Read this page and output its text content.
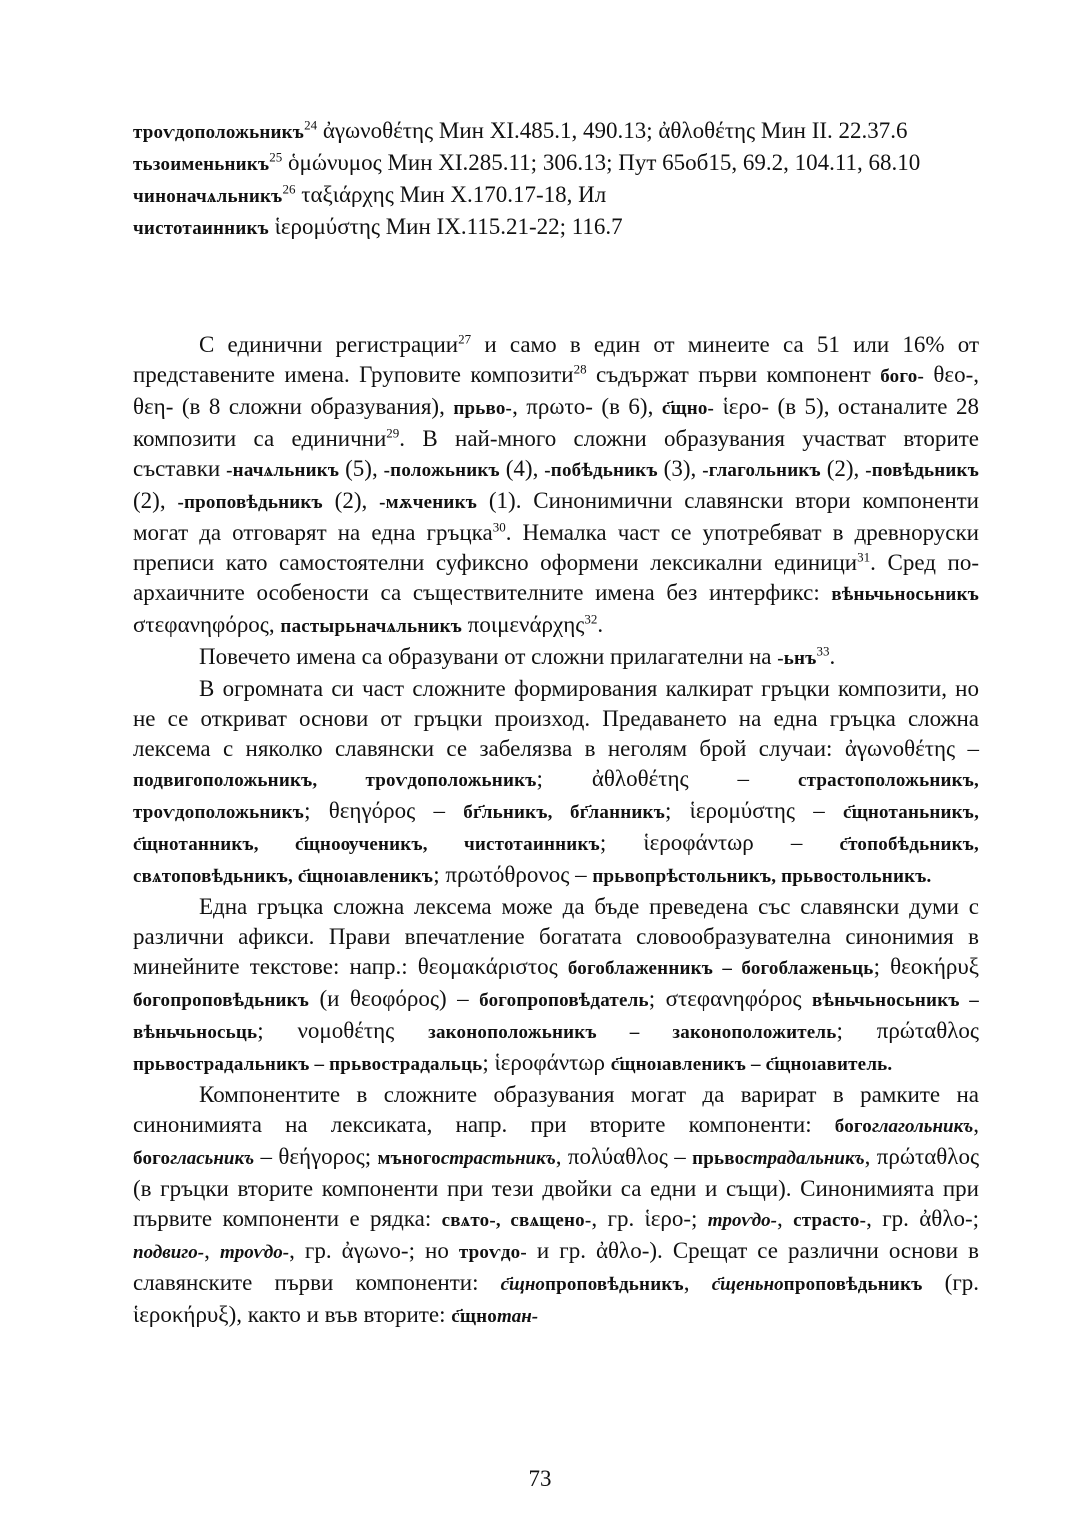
троѵдоположьникъ$^{24}$ ἀγωνοθέτης Мин XI.485.1, 490.13; ἀθλοθέτης Мин II. 22.37.6
тьзоименьникъ$^{25}$ ὁμώνυμος Мин XI.285.11; 306.13; Пут 65об15, 69.2, 104.11, 68.10
чиноначѧльникъ$^{26}$ ταξιάρχης Мин X.170.17-18, Ил
чистотаинникъ ἱερομύστης Мин IX.115.21-22; 116.7

С единични регистрации$^{27}$ и само в един от минеите са 51 или 16% от представените имена. Груповите композити$^{28}$ съдържат първи компонент бого- θεο-, θεη- (в 8 сложни образувания), прьво-, πρωτο- (в 6), с҃щно- ἱερο- (в 5), останалите 28 композити са единични$^{29}$. В най-много сложни образувания участват вторите съставки -начѧльникъ (5), -положьникъ (4), -побѣдьникъ (3), -глагольникъ (2), -повѣдьникъ (2), -проповѣдьникъ (2), -мѫченикъ (1). Синонимични славянски втори компоненти могат да отговарят на една гръцка$^{30}$. Немалка част се употребяват в древноруски преписи като самостоятелни суфиксно оформени лексикални единици$^{31}$. Сред по-архаичните особености са съществителните имена без интерфикс: вѣньчьносьникъ στεφανηφόρος, пастырьначѧльникъ ποιμενάρχης$^{32}$.

Повечето имена са образувани от сложни прилагателни на -ьнъ$^{33}$.

В огромната си част сложните формирования калкират гръцки композити, но не се откриват основи от гръцки произход. Предаването на една гръцка сложна лексема с няколко славянски се забелязва в неголям брой случаи: ἀγωνοθέτης – подвигоположьникъ, троѵдоположьникъ; ἀθλοθέτης – страстоположьникъ, троѵдоположьникъ; θεηγόρος – бг҃льникъ, бг҃ланникъ; ἱερομύστης – с҃щнотаньникъ, с҃щнотанникъ, с҃щноѹченикъ, чистотаинникъ; ἱεροφάντωρ – с҃топобѣдьникъ, свѧтоповѣдьникъ, с҃щноıавленикъ; πρωτόθρονος – прьвопрѣстольникъ, прьвостольникъ.

Една гръцка сложна лексема може да бъде преведена със славянски думи с различни афикси. Прави впечатление богатата словообразувателна синонимия в минейните текстове: напр.: θεομακάριστος богоблаженникъ – богоблаженьць; θεοκήρυξ богопроповѣдьникъ (и θεοφόρος) – богопроповѣдатель; στεφανηφόρος вѣньчьносьникъ – вѣньчьносьць; νομοθέτης законоположьникъ – законоположитель; πρώταθλος прьвострадальникъ – прьвострадальць; ἱεροφάντωρ с҃щноıавленикъ – с҃щноıавитель.

Компонентите в сложните образувания могат да варират в рамките на синонимията на лексиката, напр. при вторите компоненти: богоглагольникъ, богогласьникъ – θεήγορος; мъногострастьникъ, πολύαθλος – прьвострадальникъ, πρώταθλος (в гръцки вторите компоненти при тези двойки са едни и същи). Синонимията при първите компоненти е рядка: свѧто-, свѧщено-, гр. ἱερο-; троѵдо-, страсто-, гр. ἀθλο-; подвиго-, троѵдо-, гр. ἀγωνο-; но троѵдо- и гр. ἀθλο-). Срещат се различни основи в славянските първи компоненти: с҃щнопроповѣдьникъ, с҃щеньнопроповѣдьникъ (гр. ἱεροκήρυξ), както и във вторите: с҃щнотан-

73
